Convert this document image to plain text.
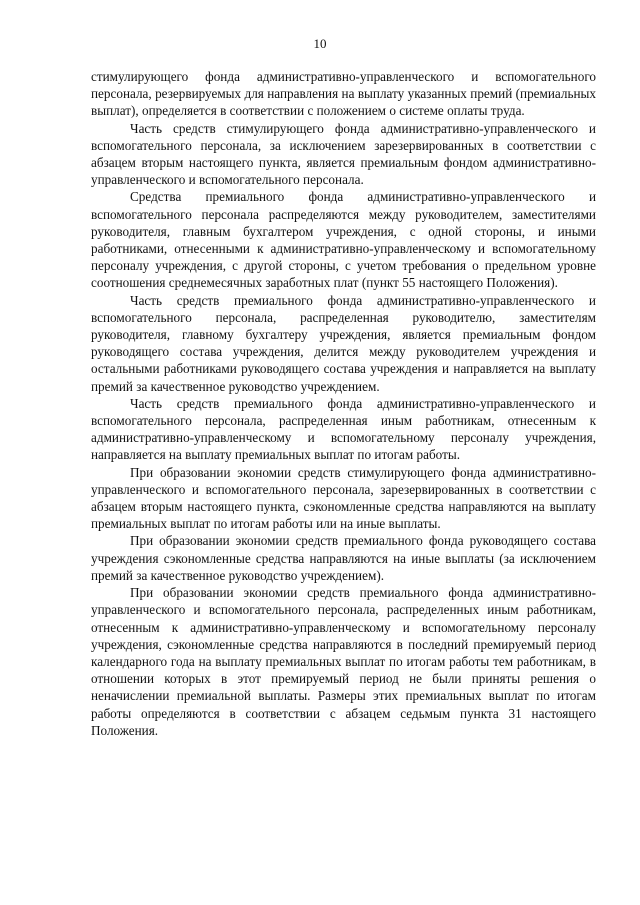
10

стимулирующего фонда административно-управленческого и вспомогательного персонала, резервируемых для направления на выплату указанных премий (премиальных выплат), определяется в соответствии с положением о системе оплаты труда.

Часть средств стимулирующего фонда административно-управленческого и вспомогательного персонала, за исключением зарезервированных в соответствии с абзацем вторым настоящего пункта, является премиальным фондом административно-управленческого и вспомогательного персонала.

Средства премиального фонда административно-управленческого и вспомогательного персонала распределяются между руководителем, заместителями руководителя, главным бухгалтером учреждения, с одной стороны, и иными работниками, отнесенными к административно-управленческому и вспомогательному персоналу учреждения, с другой стороны, с учетом требования о предельном уровне соотношения среднемесячных заработных плат (пункт 55 настоящего Положения).

Часть средств премиального фонда административно-управленческого и вспомогательного персонала, распределенная руководителю, заместителям руководителя, главному бухгалтеру учреждения, является премиальным фондом руководящего состава учреждения, делится между руководителем учреждения и остальными работниками руководящего состава учреждения и направляется на выплату премий за качественное руководство учреждением.

Часть средств премиального фонда административно-управленческого и вспомогательного персонала, распределенная иным работникам, отнесенным к административно-управленческому и вспомогательному персоналу учреждения, направляется на выплату премиальных выплат по итогам работы.

При образовании экономии средств стимулирующего фонда административно-управленческого и вспомогательного персонала, зарезервированных в соответствии с абзацем вторым настоящего пункта, сэкономленные средства направляются на выплату премиальных выплат по итогам работы или на иные выплаты.

При образовании экономии средств премиального фонда руководящего состава учреждения сэкономленные средства направляются на иные выплаты (за исключением премий за качественное руководство учреждением).

При образовании экономии средств премиального фонда административно-управленческого и вспомогательного персонала, распределенных иным работникам, отнесенным к административно-управленческому и вспомогательному персоналу учреждения, сэкономленные средства направляются в последний премируемый период календарного года на выплату премиальных выплат по итогам работы тем работникам, в отношении которых в этот премируемый период не были приняты решения о неначислении премиальной выплаты. Размеры этих премиальных выплат по итогам работы определяются в соответствии с абзацем седьмым пункта 31 настоящего Положения.
